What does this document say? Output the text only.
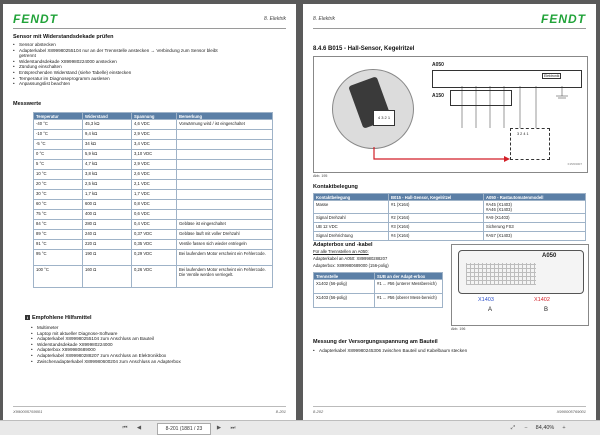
FENDT	8. Elektrik
Sensor mit Widerstandsdekade prüfen
• Sensor abstecken
• Adapterkabel X899980255104 nur an der Trennstelle anstecken → Verbindung zum Sensor bleibt getrennt
• Widerstandsdekade X899980224000 anstecken
• Zündung einschalten
• Entsprechenden Widerstand (siehe Tabelle) einstecken
• Temperatur im Diagnoseprogramm auslesen
• Anpassungslist beachten
Messwerte
Temperatur	Widerstand	Spannung	Bemerkung
-40 °C	45,3 kΩ	4,6 VDC	Vorwärmung wird / ist eingeschaltet
-10 °C	9,4 kΩ	2,9 VDC	
-5 °C	34 kΩ	3,4 VDC	
0 °C	5,9 kΩ	3,10 VDC	
5 °C	4,7 kΩ	2,9 VDC	
10 °C	3,8 kΩ	2,6 VDC	
20 °C	2,5 kΩ	2,1 VDC	
30 °C	1,7 kΩ	1,7 VDC	
60 °C	600 Ω	0,8 VDC	
75 °C	400 Ω	0,6 VDC	
84 °C	280 Ω	0,4 VDC	Gebläse ist eingeschaltet
89 °C	240 Ω	0,37 VDC	Gebläse läuft mit voller Drehzahl
91 °C	220 Ω	0,35 VDC	Ventile fassen sich wieder entriegeln
95 °C	190 Ω	0,29 VDC	Bei laufendem Motor erscheint ein Fehlercode.
100 °C	160 Ω	0,26 VDC	Bei laufendem Motor erscheint ein Fehlercode. Die Ventile werden verriegelt.
i Empfohlene Hilfsmittel
• Multimeter
• Laptop mit aktueller Diagnose-Software
• Adapterkabel X899980255104 zum Anschluss am Bauteil
• Widerstandsdekade X899980224000
• Adapterbox X899980689000
• Adapterkabel X899980288207 zum Anschluss an Elektronikbox
• Zwischenadapterkabel X899980600204 zum Anschluss an Adapterbox
X990005769001	8-201
8. Elektrik	FENDT
8.4.6 B015 - Hall-Sensor, Kegelritzel
4 3 2 1
A050
Elektronik
A150
3 2 4 1
F15/03007
Abb. 195
Kontaktbelegung
Kontaktbelegung	B015 - Hall-Sensor, Kegelritzel	A050 - Rastautomatenmodell
Masse	#1 (X164)	#A45 (X1403)
#A46 (X1403)
Signal Drehzahl	#2 (X164)	#A9 (X1403)
UB 12 VDC	#3 (X164)	Sicherung FS3
Signal Drehrichtung	#4 (X164)	#A57 (X1403)
Adapterbox und -kabel
Für alle Trennstellen an A050:
Adapterkabel an A050: X899980288207
Adapterbox: X899980689000 (156-polig)
Trennstelle	SUB an der Adapt-erbox
X1402 (56-polig)	#1 ... #56 (unterer Messbereich)
X1403 (56-polig)	#1 ... #56 (oberer Mess-bereich)
A050
X1403	X1402
A	B
Abb. 196
Messung der Versorgungsspannung am Bauteil
• Adapterkabel X899980245306 zwischen Bauteil und Kabelbaum stecken
8-202	X990005769001
⏮	◀	8-201 (1881 / 23	▶	⏭	⤢	−	84,40%	+
